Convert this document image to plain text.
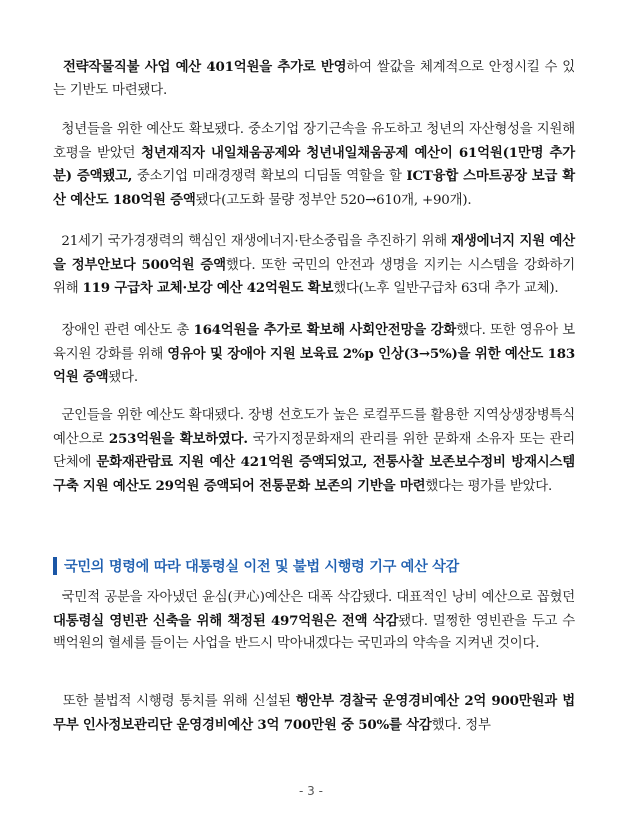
전략작물직불 사업 예산 401억원을 추가로 반영하여 쌀값을 체계적으로 안정시킬 수 있는 기반도 마련됐다.
청년들을 위한 예산도 확보됐다. 중소기업 장기근속을 유도하고 청년의 자산형성을 지원해 호평을 받았던 청년재직자 내일채움공제와 청년내일채움공제 예산이 61억원(1만명 추가분) 증액됐고, 중소기업 미래경쟁력 확보의 디딤돌 역할을 할 ICT융합 스마트공장 보급 확산 예산도 180억원 증액됐다(고도화 물량 정부안 520→610개, +90개).
21세기 국가경쟁력의 핵심인 재생에너지·탄소중립을 추진하기 위해 재생에너지 지원 예산을 정부안보다 500억원 증액했다. 또한 국민의 안전과 생명을 지키는 시스템을 강화하기 위해 119 구급차 교체·보강 예산 42억원도 확보했다(노후 일반구급차 63대 추가 교체).
장애인 관련 예산도 총 164억원을 추가로 확보해 사회안전망을 강화했다. 또한 영유아 보육지원 강화를 위해 영유아 및 장애아 지원 보육료 2%p 인상(3→5%)을 위한 예산도 183억원 증액됐다.
군인들을 위한 예산도 확대됐다. 장병 선호도가 높은 로컬푸드를 활용한 지역상생장병특식 예산으로 253억원을 확보하였다. 국가지정문화재의 관리를 위한 문화재 소유자 또는 관리단체에 문화재관람료 지원 예산 421억원 증액되었고, 전통사찰 보존보수정비 방재시스템 구축 지원 예산도 29억원 증액되어 전통문화 보존의 기반을 마련했다는 평가를 받았다.
국민의 명령에 따라 대통령실 이전 및 불법 시행령 기구 예산 삭감
국민적 공분을 자아냈던 윤심(尹心)예산은 대폭 삭감됐다. 대표적인 낭비 예산으로 꼽혔던 대통령실 영빈관 신축을 위해 책정된 497억원은 전액 삭감됐다. 멀쩡한 영빈관을 두고 수백억원의 혈세를 들이는 사업을 반드시 막아내겠다는 국민과의 약속을 지켜낸 것이다.
또한 불법적 시행령 통치를 위해 신설된 행안부 경찰국 운영경비예산 2억 900만원과 법무부 인사정보관리단 운영경비예산 3억 700만원 중 50%를 삭감했다. 정부
- 3 -
